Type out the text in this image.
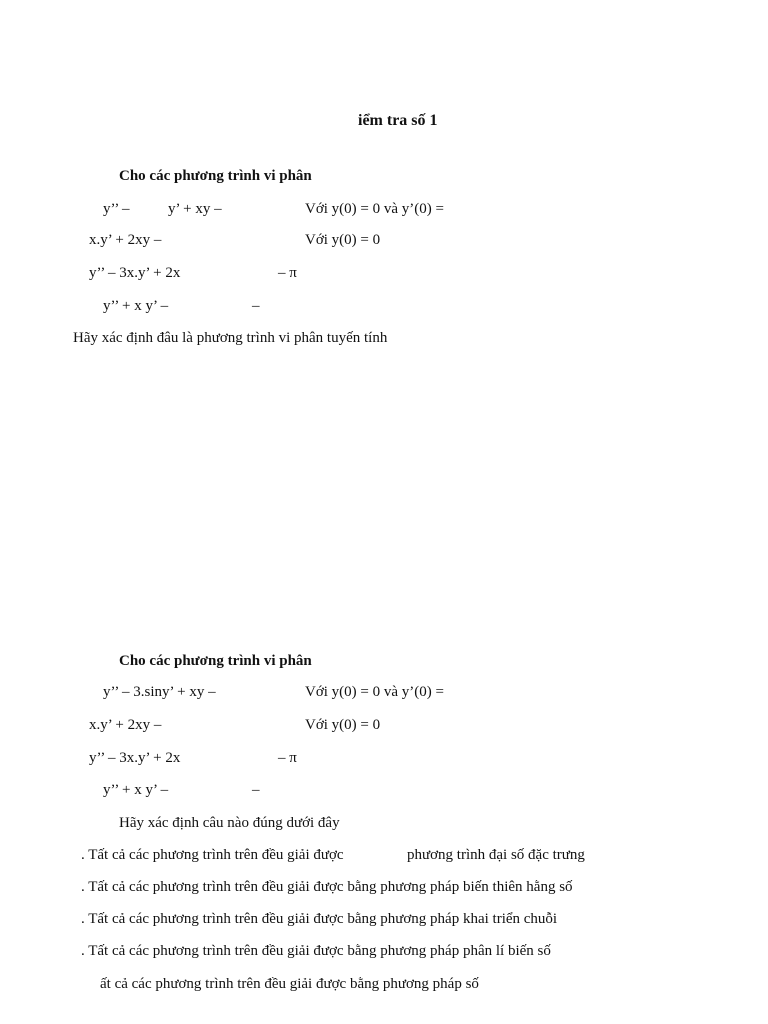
iểm tra số 1
Cho các phương trình vi phân
y’’ –	y’ + xy –	Với y(0) = 0 và y’(0) =
x.y’ + 2xy –	Với y(0) = 0
y’’ – 3x.y’ + 2x	– π
y’’ + x y’ –	–
Hãy xác định đâu là phương trình vi phân tuyến tính
Cho các phương trình vi phân
y’’ – 3.siny’ + xy –	Với y(0) = 0 và y’(0) =
x.y’ + 2xy –	Với y(0) = 0
y’’ – 3x.y’ + 2x	– π
y’’ + x y’ –	–
Hãy xác định câu nào đúng dưới đây
. Tất cả các phương trình trên đều giải được	phương trình đại số đặc trưng
. Tất cả các phương trình trên đều giải được bằng phương pháp biến thiên hằng số
. Tất cả các phương trình trên đều giải được bằng phương pháp khai triển chuỗi
. Tất cả các phương trình trên đều giải được bằng phương pháp phân lí biến số
ất cả các phương trình trên đều giải được bằng phương pháp số
